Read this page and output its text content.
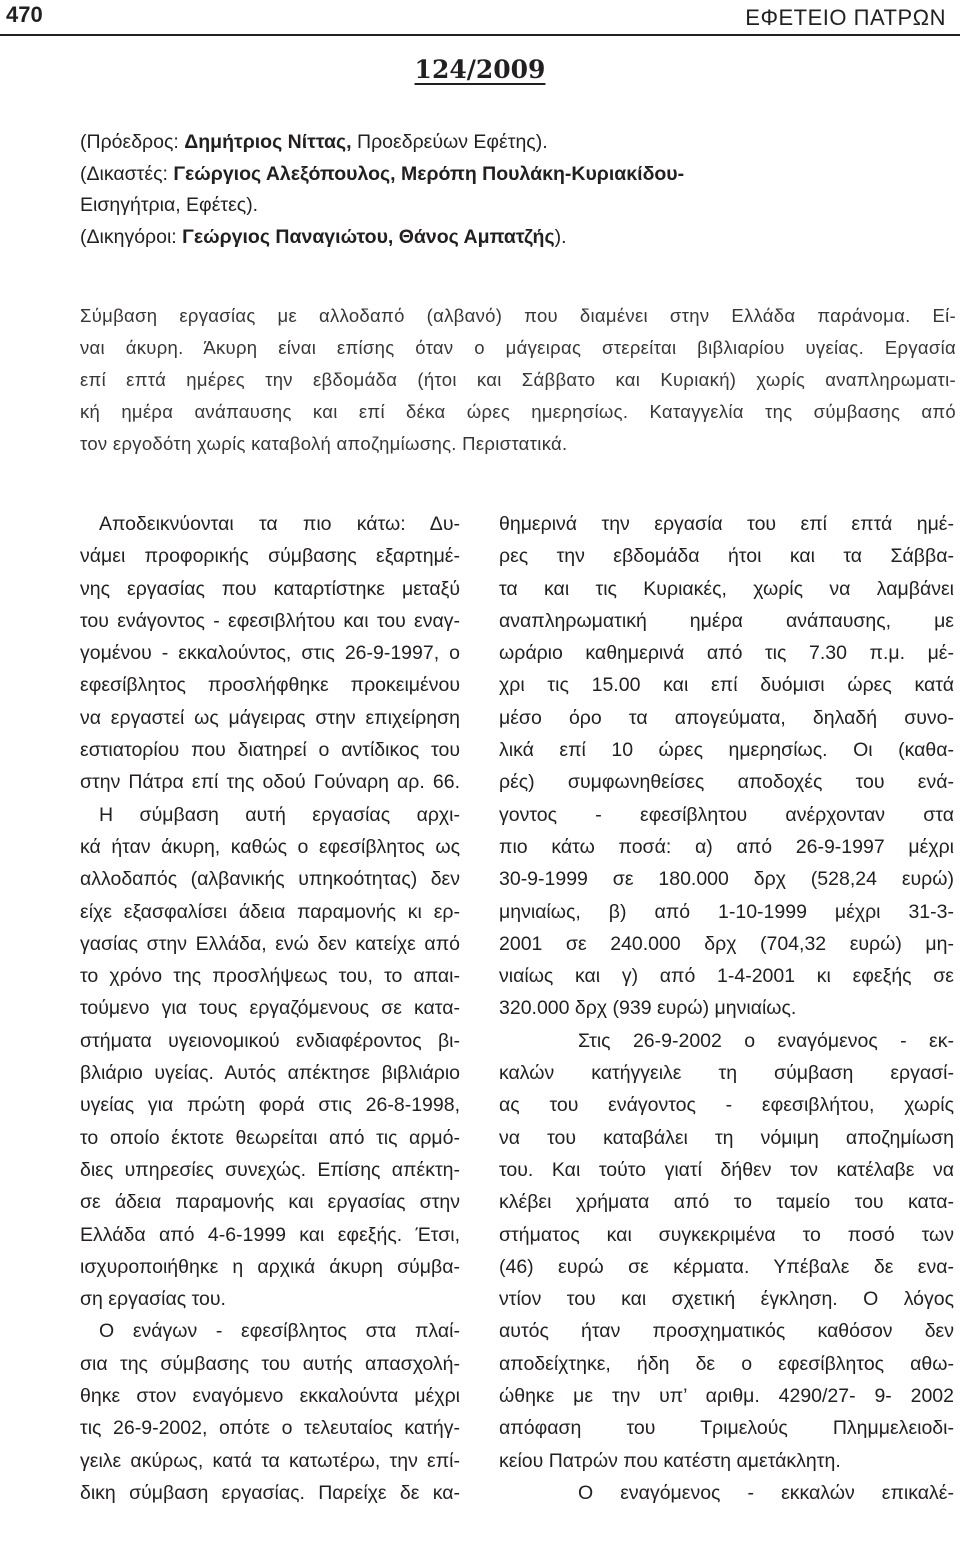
470	ΕΦΕΤΕΙΟ ΠΑΤΡΩΝ
124/2009
(Πρόεδρος: Δημήτριος Νίττας, Προεδρεύων Εφέτης).
(Δικαστές: Γεώργιος Αλεξόπουλος, Μερόπη Πουλάκη-Κυριακίδου-
Εισηγήτρια, Εφέτες).
(Δικηγόροι: Γεώργιος Παναγιώτου, Θάνος Αμπατζής).
Σύμβαση εργασίας με αλλοδαπό (αλβανό) που διαμένει στην Ελλάδα παράνομα. Εί-
ναι άκυρη. Άκυρη είναι επίσης όταν ο μάγειρας στερείται βιβλιαρίου υγείας. Εργασία
επί επτά ημέρες την εβδομάδα (ήτοι και Σάββατο και Κυριακή) χωρίς αναπληρωματι-
κή ημέρα ανάπαυσης και επί δέκα ώρες ημερησίως. Καταγγελία της σύμβασης από
τον εργοδότη χωρίς καταβολή αποζημίωσης. Περιστατικά.
Αποδεικνύονται τα πιο κάτω: Δυ-
νάμει προφορικής σύμβασης εξαρτημέ-
νης εργασίας που καταρτίστηκε μεταξύ
του ενάγοντος - εφεσιβλήτου και του εναγ-
γομένου - εκκαλούντος, στις 26-9-1997, ο
εφεσίβλητος προσλήφθηκε προκειμένου
να εργαστεί ως μάγειρας στην επιχείρηση
εστιατορίου που διατηρεί ο αντίδικος του
στην Πάτρα επί της οδού Γούναρη αρ. 66.
Η σύμβαση αυτή εργασίας αρχι-
κά ήταν άκυρη, καθώς ο εφεσίβλητος ως
αλλοδαπός (αλβανικής υπηκοότητας) δεν
είχε εξασφαλίσει άδεια παραμονής κι ερ-
γασίας στην Ελλάδα, ενώ δεν κατείχε από
το χρόνο της προσλήψεως του, το απαι-
τούμενο για τους εργαζόμενους σε κατα-
στήματα υγειονομικού ενδιαφέροντος βι-
βλιάριο υγείας. Αυτός απέκτησε βιβλιάριο
υγείας για πρώτη φορά στις 26-8-1998,
το οποίο έκτοτε θεωρείται από τις αρμό-
διες υπηρεσίες συνεχώς. Επίσης απέκτη-
σε άδεια παραμονής και εργασίας στην
Ελλάδα από 4-6-1999 και εφεξής. Έτσι,
ισχυροποιήθηκε η αρχικά άκυρη σύμβα-
ση εργασίας του.
Ο ενάγων - εφεσίβλητος στα πλαί-
σια της σύμβασης του αυτής απασχολή-
θηκε στον εναγόμενο εκκαλούντα μέχρι
τις 26-9-2002, οπότε ο τελευταίος κατήγ-
γειλε ακύρως, κατά τα κατωτέρω, την επί-
δικη σύμβαση εργασίας. Παρείχε δε κα-
θημερινά την εργασία του επί επτά ημέ-
ρες την εβδομάδα ήτοι και τα Σάββα-
τα και τις Κυριακές, χωρίς να λαμβάνει
αναπληρωματική ημέρα ανάπαυσης, με
ωράριο καθημερινά από τις 7.30 π.μ. μέ-
χρι τις 15.00 και επί δυόμισι ώρες κατά
μέσο όρο τα απογεύματα, δηλαδή συνο-
λικά επί 10 ώρες ημερησίως. Οι (καθα-
ρές) συμφωνηθείσες αποδοχές του ενά-
γοντος - εφεσίβλητου ανέρχονταν στα
πιο κάτω ποσά: α) από 26-9-1997 μέχρι
30-9-1999 σε 180.000 δρχ (528,24 ευρώ)
μηνιαίως, β) από 1-10-1999 μέχρι 31-3-
2001 σε 240.000 δρχ (704,32 ευρώ) μη-
νιαίως και γ) από 1-4-2001 κι εφεξής σε
320.000 δρχ (939 ευρώ) μηνιαίως.
Στις 26-9-2002 ο εναγόμενος - εκ-
καλών κατήγγειλε τη σύμβαση εργασί-
ας του ενάγοντος - εφεσιβλήτου, χωρίς
να του καταβάλει τη νόμιμη αποζημίωση
του. Και τούτο γιατί δήθεν τον κατέλαβε να
κλέβει χρήματα από το ταμείο του κατα-
στήματος και συγκεκριμένα το ποσό των
(46) ευρώ σε κέρματα. Υπέβαλε δε ενα-
ντίον του και σχετική έγκληση. Ο λόγος
αυτός ήταν προσχηματικός καθόσον δεν
αποδείχτηκε, ήδη δε ο εφεσίβλητος αθω-
ώθηκε με την υπ’ αριθμ. 4290/27- 9- 2002
απόφαση του Τριμελούς Πλημμελειοδι-
κείου Πατρών που κατέστη αμετάκλητη.
Ο εναγόμενος - εκκαλών επικαλέ-
